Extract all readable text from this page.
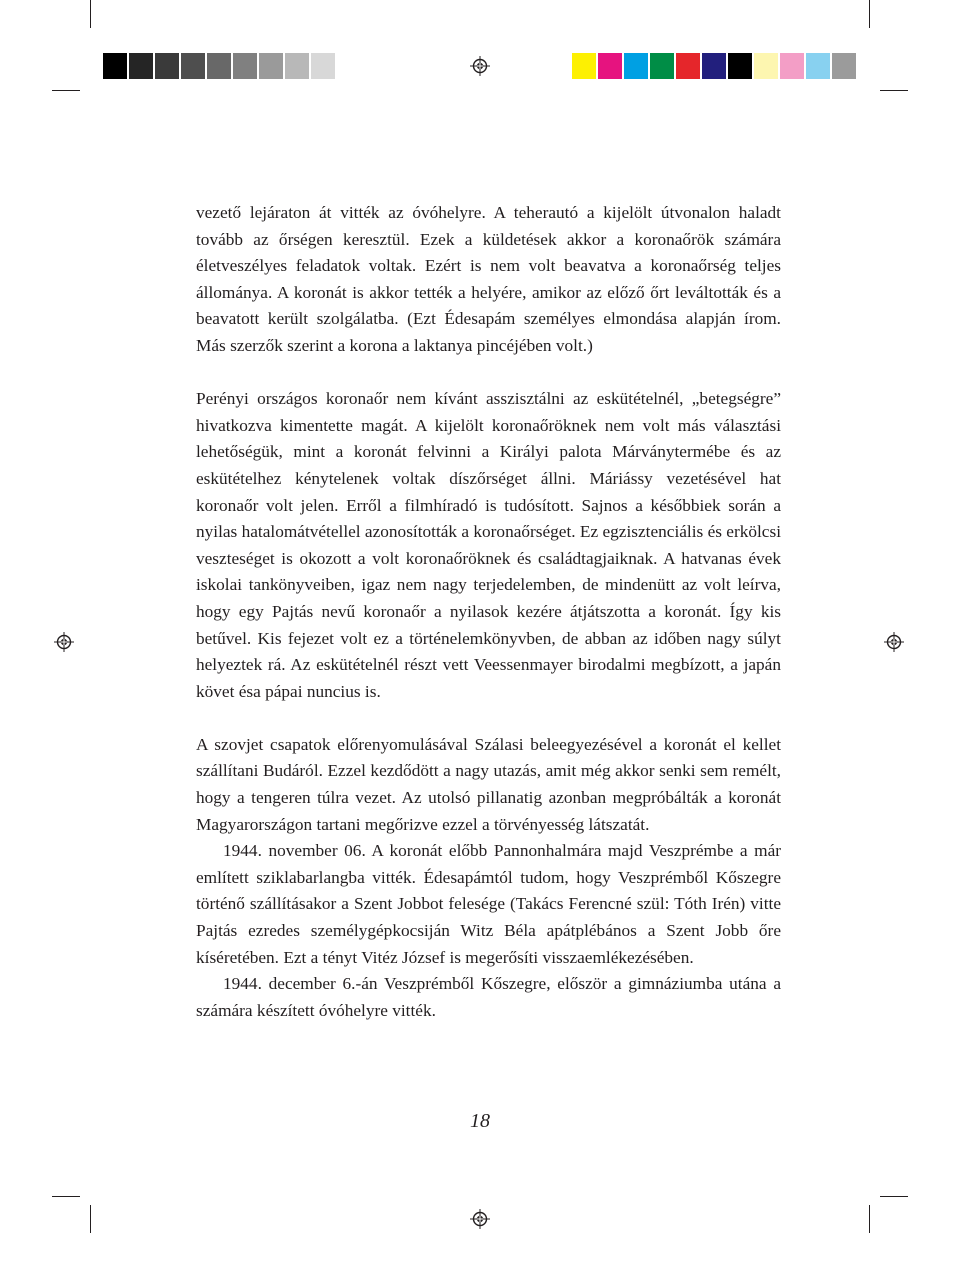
vezető lejáraton át vitték az óvóhelyre. A teherautó a kijelölt útvonalon haladt tovább az őrségen keresztül. Ezek a küldetések akkor a koronaőrök számára életveszélyes feladatok voltak. Ezért is nem volt beavatva a koronaőrség teljes állománya. A koronát is akkor tették a helyére, amikor az előző őrt leváltották és a beavatott került szolgálatba. (Ezt Édesapám személyes elmondása alapján írom. Más szerzők szerint a korona a laktanya pincéjében volt.)

Perényi országos koronaőr nem kívánt asszisztálni az eskütételnél, „betegségre” hivatkozva kimentette magát. A kijelölt koronaőröknek nem volt más választási lehetőségük, mint a koronát felvinni a Királyi palota Márványtermébe és az eskütételhez kénytelenek voltak díszőrséget állni. Máriássy vezetésével hat koronaőr volt jelen. Erről a filmhíradó is tudósított. Sajnos a későbbiek során a nyilas hatalomátvétellel azonosították a koronaőrséget. Ez egzisztenciális és erkölcsi veszteséget is okozott a volt koronaőröknek és családtagjaiknak. A hatvanas évek iskolai tankönyveiben, igaz nem nagy terjedelemben, de mindenütt az volt leírva, hogy egy Pajtás nevű koronaőr a nyilasok kezére átjátszotta a koronát. Így kis betűvel. Kis fejezet volt ez a történelemkönyvben, de abban az időben nagy súlyt helyeztek rá. Az eskütételnél részt vett Veessenmayer birodalmi megbízott, a japán követ ésa pápai nuncius is.

A szovjet csapatok előrenyomulásával Szálasi beleegyezésével a koronát el kellet szállítani Budáról. Ezzel kezdődött a nagy utazás, amit még akkor senki sem remélt, hogy a tengeren túlra vezet. Az utolsó pillanatig azonban megpróbálták a koronát Magyarországon tartani megőrizve ezzel a törvényesség látszatát.

1944. november 06. A koronát előbb Pannonhalmára majd Veszprémbe a már említett sziklabarlangba vitték. Édesapámtól tudom, hogy Veszprémből Kőszegre történő szállításakor a Szent Jobbot felesége (Takács Ferencné szül: Tóth Irén) vitte Pajtás ezredes személygépkocsiján Witz Béla apátplébános a Szent Jobb őre kíséretében. Ezt a tényt Vitéz József is megerősíti visszaemlékezésében.

1944. december 6.-án Veszprémből Kőszegre, először a gimnáziumba utána a számára készített óvóhelyre vitték.

18
